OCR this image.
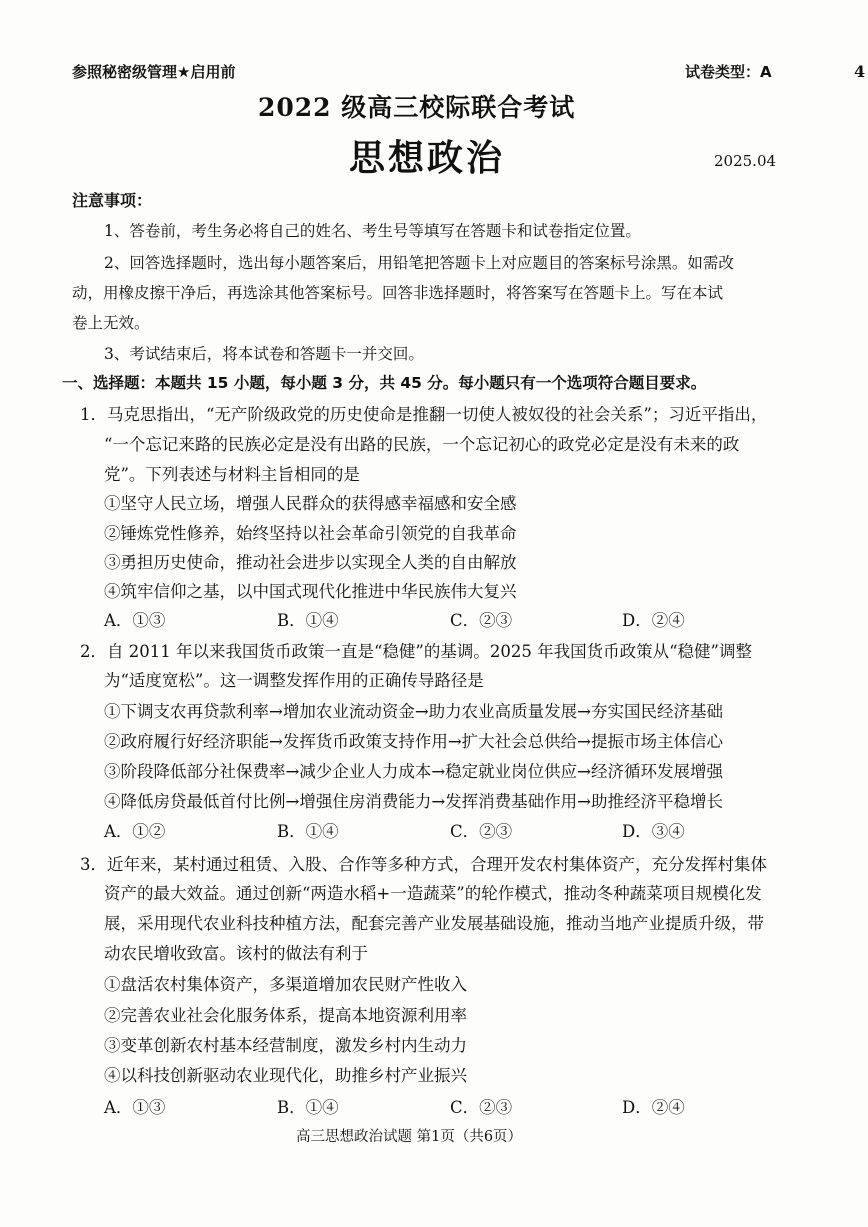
参照秘密级管理★启用前	试卷类型：A	4
2022 级高三校际联合考试
思想政治	2025.04
注意事项：
1、答卷前，考生务必将自己的姓名、考生号等填写在答题卡和试卷指定位置。
2、回答选择题时，选出每小题答案后，用铅笔把答题卡上对应题目的答案标号涂黑。如需改
动，用橡皮擦干净后，再选涂其他答案标号。回答非选择题时，将答案写在答题卡上。写在本试
卷上无效。
3、考试结束后，将本试卷和答题卡一并交回。
一、选择题：本题共 15 小题，每小题 3 分，共 45 分。每小题只有一个选项符合题目要求。
1．马克思指出，“无产阶级政党的历史使命是推翻一切使人被奴役的社会关系”；习近平指出，
“一个忘记来路的民族必定是没有出路的民族，一个忘记初心的政党必定是没有未来的政
党”。下列表述与材料主旨相同的是
①坚守人民立场，增强人民群众的获得感幸福感和安全感
②锤炼党性修养，始终坚持以社会革命引领党的自我革命
③勇担历史使命，推动社会进步以实现全人类的自由解放
④筑牢信仰之基，以中国式现代化推进中华民族伟大复兴
A．①③	B．①④	C．②③	D．②④
2．自 2011 年以来我国货币政策一直是“稳健”的基调。2025 年我国货币政策从“稳健”调整
为“适度宽松”。这一调整发挥作用的正确传导路径是
①下调支农再贷款利率→增加农业流动资金→助力农业高质量发展→夯实国民经济基础
②政府履行好经济职能→发挥货币政策支持作用→扩大社会总供给→提振市场主体信心
③阶段降低部分社保费率→减少企业人力成本→稳定就业岗位供应→经济循环发展增强
④降低房贷最低首付比例→增强住房消费能力→发挥消费基础作用→助推经济平稳增长
A．①②	B．①④	C．②③	D．③④
3．近年来，某村通过租赁、入股、合作等多种方式，合理开发农村集体资产，充分发挥村集体
资产的最大效益。通过创新“两造水稻+一造蔬菜”的轮作模式，推动冬种蔬菜项目规模化发
展，采用现代农业科技种植方法，配套完善产业发展基础设施，推动当地产业提质升级，带
动农民增收致富。该村的做法有利于
①盘活农村集体资产，多渠道增加农民财产性收入
②完善农业社会化服务体系，提高本地资源利用率
③变革创新农村基本经营制度，激发乡村内生动力
④以科技创新驱动农业现代化，助推乡村产业振兴
A．①③	B．①④	C．②③	D．②④
高三思想政治试题 第1页（共6页）
